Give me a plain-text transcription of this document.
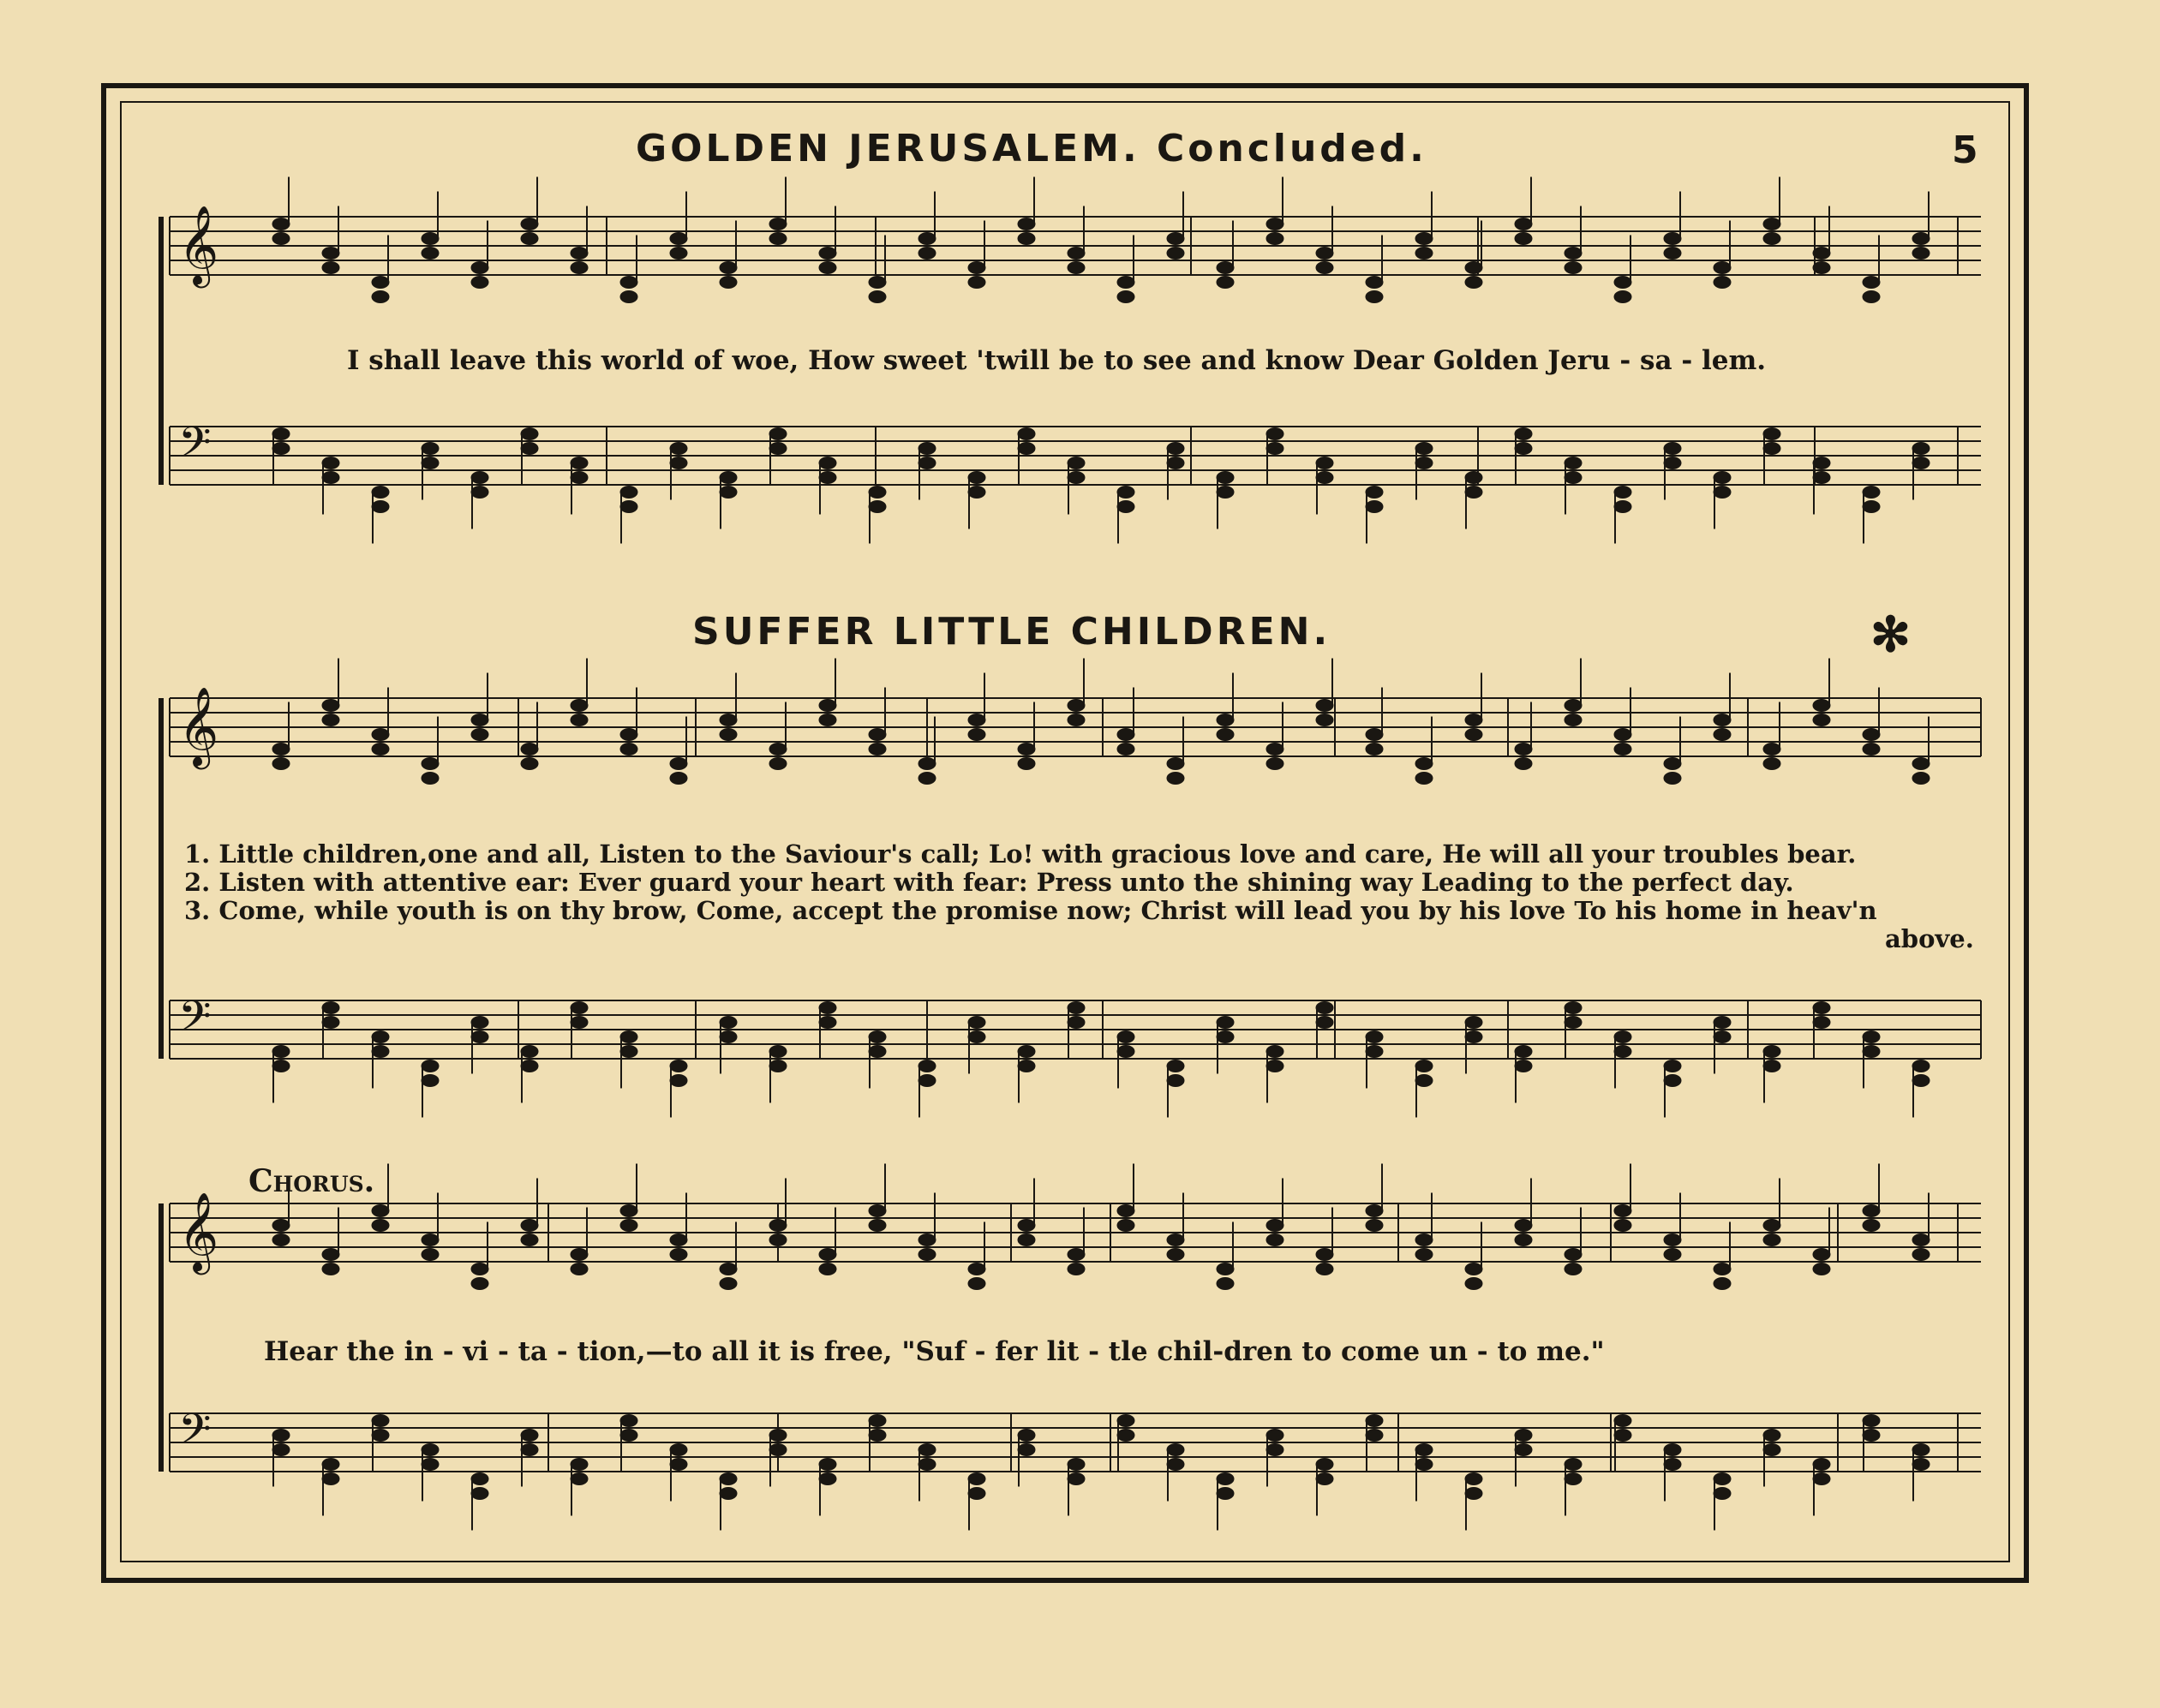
GOLDEN JERUSALEM. Concluded.	5
I shall leave this world of woe, How sweet 'twill be to see and know Dear Golden Jeru - sa - lem.
SUFFER LITTLE CHILDREN.	✻
1. Little children,one and all, Listen to the Saviour's call; Lo! with gracious love and care, He will all your troubles bear.
2. Listen with attentive ear: Ever guard your heart with fear: Press unto the shining way Leading to the perfect day.
3. Come, while youth is on thy brow, Come, accept the promise now; Christ will lead you by his love To his home in heav'n
above.
Chorus.
Hear the in - vi - ta - tion,—to all it is free, "Suf - fer lit - tle chil-dren to come un - to me."
𝄞
𝄢
𝄞
𝄢
𝄞
𝄢
